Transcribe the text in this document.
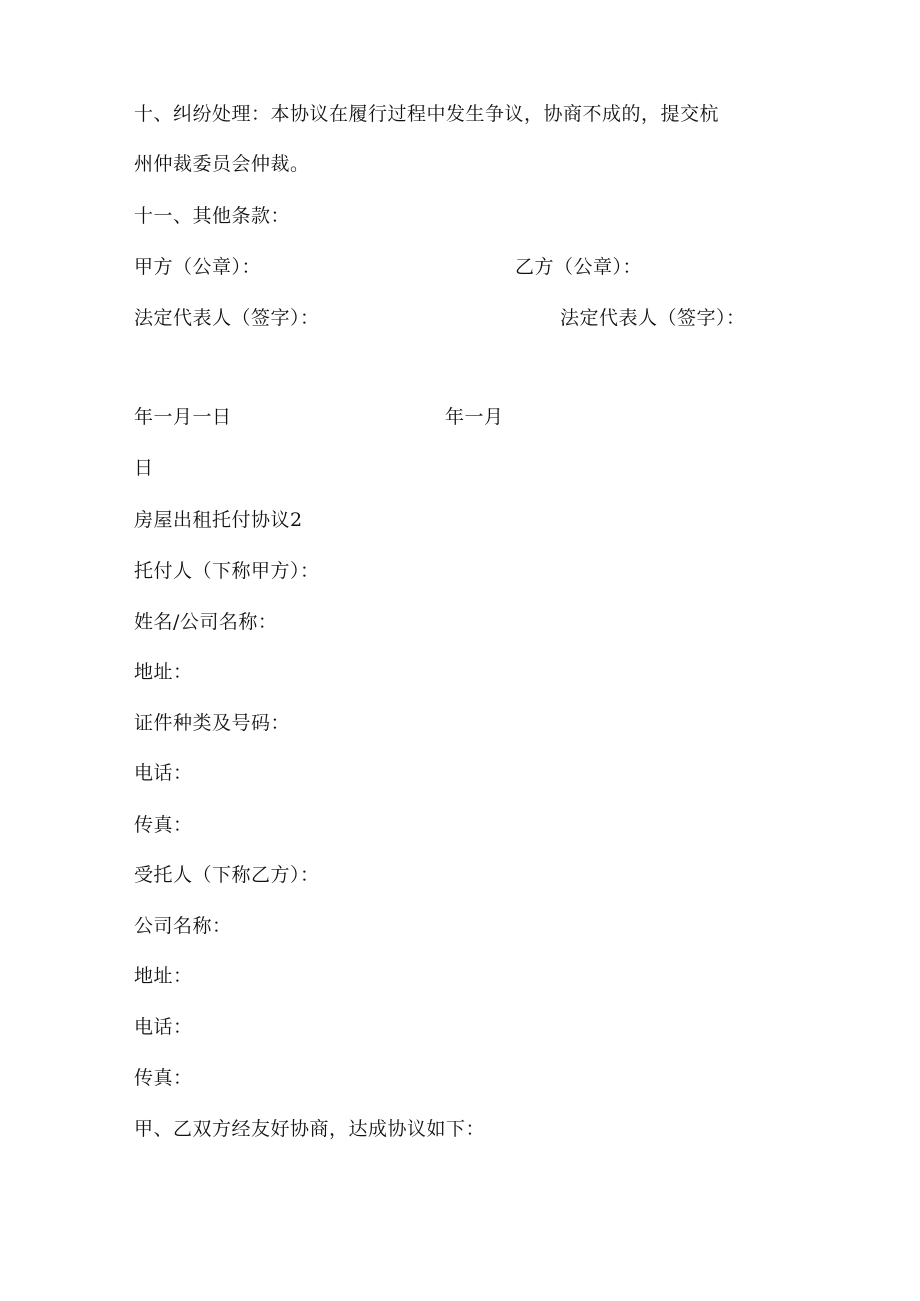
十、纠纷处理：本协议在履行过程中发生争议，协商不成的，提交杭
州仲裁委员会仲裁。
十一、其他条款：
甲方（公章）：	乙方（公章）：
法定代表人（签字）：	法定代表人（签字）：
年一月一日	年一月
日
房屋出租托付协议2
托付人（下称甲方）：
姓名/公司名称：
地址：
证件种类及号码：
电话：
传真：
受托人（下称乙方）：
公司名称：
地址：
电话：
传真：
甲、乙双方经友好协商，达成协议如下：
